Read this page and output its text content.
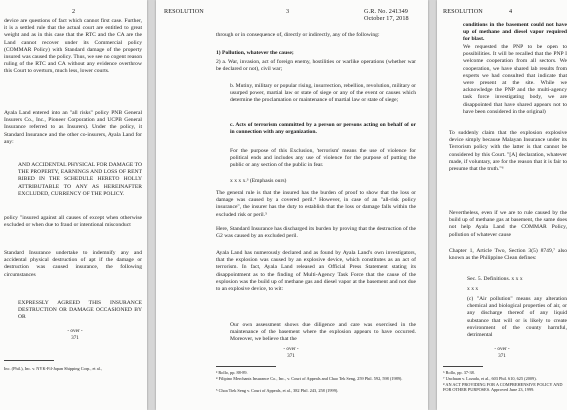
2

device are questions of fact which cannot first case. Further, it is a settled rule that the actual court are entitled to great weight and as in this case that the RTC and the CA are the Land cannot recover under its Commercial policy (COMMAR Policy) with Standard damage of the property insured was caused the policy. Thus, we see no cogent reason ruling of the RTC and CA without any evidence overthrow this Court to overturn, much less, lower courts.

Ayala Land entered into an "all risks" policy PNB General Insurers Co., Inc., Pioneer Corporation and UCPB General Insurance referred to as Insurers). Under the policy, it Standard Insurance and the other co-insurers, Ayala Land for any:

AND ACCIDENTAL PHYSICAL FOR DAMAGE TO THE PROPERTY, EARNINGS AND LOSS OF RENT RIBED IN THE SCHEDULE HERETO HOLLY ATTRIBUTABLE TO ANY AS HEREINAFTER EXCLUDED, CURRENCY OF THE POLICY.

policy "insured against all causes of except when otherwise excluded or when due to fraud or intentional misconduct

Standard Insurance undertake to indemnify any and accidental physical destruction of apt if the damage or destruction was caused insurance, the following circumstances

EXPRESSLY AGREED THIS INSURANCE DESTRUCTION OR DAMAGE OCCASIONED BY OR

- over -
371
Inc. (Phil.), Inc. v. NYK-Fil-Japan Shipping Corp., et al.,
RESOLUTION	3	G.R. No. 241349
October 17, 2018
through or in consequence of, directly or indirectly, any of the following:
1) Pollution, whatever the cause;
2) a. War, invasion, act of foreign enemy, hostilities or warlike operations (whether war be declared or not), civil war;
b. Mutiny, military or popular rising, insurrection, rebellion, revolution, military or usurped power, martial law or state of siege or any of the event or causes which determine the proclamation or maintenance of martial law or state of siege;
c. Acts of terrorism committed by a person or persons acting on behalf of or in connection with any organization.
For the purpose of this Exclusion, 'terrorism' means the use of violence for political ends and includes any use of violence for the purpose of putting the public or any section of the public in fear.
x x x x.³ (Emphasis ours)
The general rule is that the insured has the burden of proof to show that the loss or damage was caused by a covered peril.⁴ However, in case of an "all-risk policy insurance", the insurer has the duty to establish that the loss or damage falls within the excluded risk or peril.⁵
Here, Standard Insurance has discharged its burden by proving that the destruction of the G2 was caused by an excluded peril.
Ayala Land has numerously declared and as found by Ayala Land's own investigators, that the explosion was caused by an explosive device, which constitutes as an act of terrorism. In fact, Ayala Land released an Official Press Statement stating its disappointment as to the finding of Multi-Agency Task Force that the cause of the explosion was the build up of methane gas and diesel vapor at the basement and not due to an explosive device, to wit:
Our own assessment shows due diligence and care was exercised in the maintenance of the basement where the explosion appears to have occurred. Moreover, we believe that the
- over -
371
³ Rollo, pp. 88-89.
⁴ Filipino Merchants Insurance Co., Inc., v. Court of Appeals and Chao Tek Seng, 259 Phil. 592, 598 (1989).
⁵ Choa Tiek Seng v. Court of Appeals, et al., 382 Phil. 243, 258 (1999).
RESOLUTION	4
conditions in the basement could not have up of methane and diesel vapor required for blast.
We requested the PNP to be open to possibilities. It will be recalled that the PNP I welcome cooperation from all sectors. We cooperation, we have shared lab results from experts we had consulted that indicate that were present at the site. While we acknowledge the PNP and the multi-agency task force investigating body, we are disappointed that have shared appears not to have been considered in the original)
To suddenly claim that the explosion explosive device simply because Malayan Insurance under its Terrorism policy with the latter is that cannot be considered by this Court. "[A] declaration, whatever made, if voluntary, are for the reason that it is fair to presume that the truth."⁶
Nevertheless, even if we are to rule caused by the build up of methane gas at basement, the same does not help Ayala Land the COMMAR Policy, pollution of whatever cause
Chapter 1, Article Two, Section 3(5) 8749,⁷ also known as the Philippine Clean defines:
Sec. 5. Definitions. x x x
x x x
(c) "Air pollution" means any alteration chemical and biological properties of air, or any discharge thereof of any liquid substance that will or is likely to create environment of the county harmful, detrimental
- over -
371
⁶ Rollo, pp. 37-38.
⁷ Unchuan v. Lozada, et al., 603 Phil. 610, 625 (2009).
⁸ AN ACT PROVIDING FOR A COMPREHENSIVE POLICY AND FOR OTHER PURPOSES. Approved June 23, 1999.
